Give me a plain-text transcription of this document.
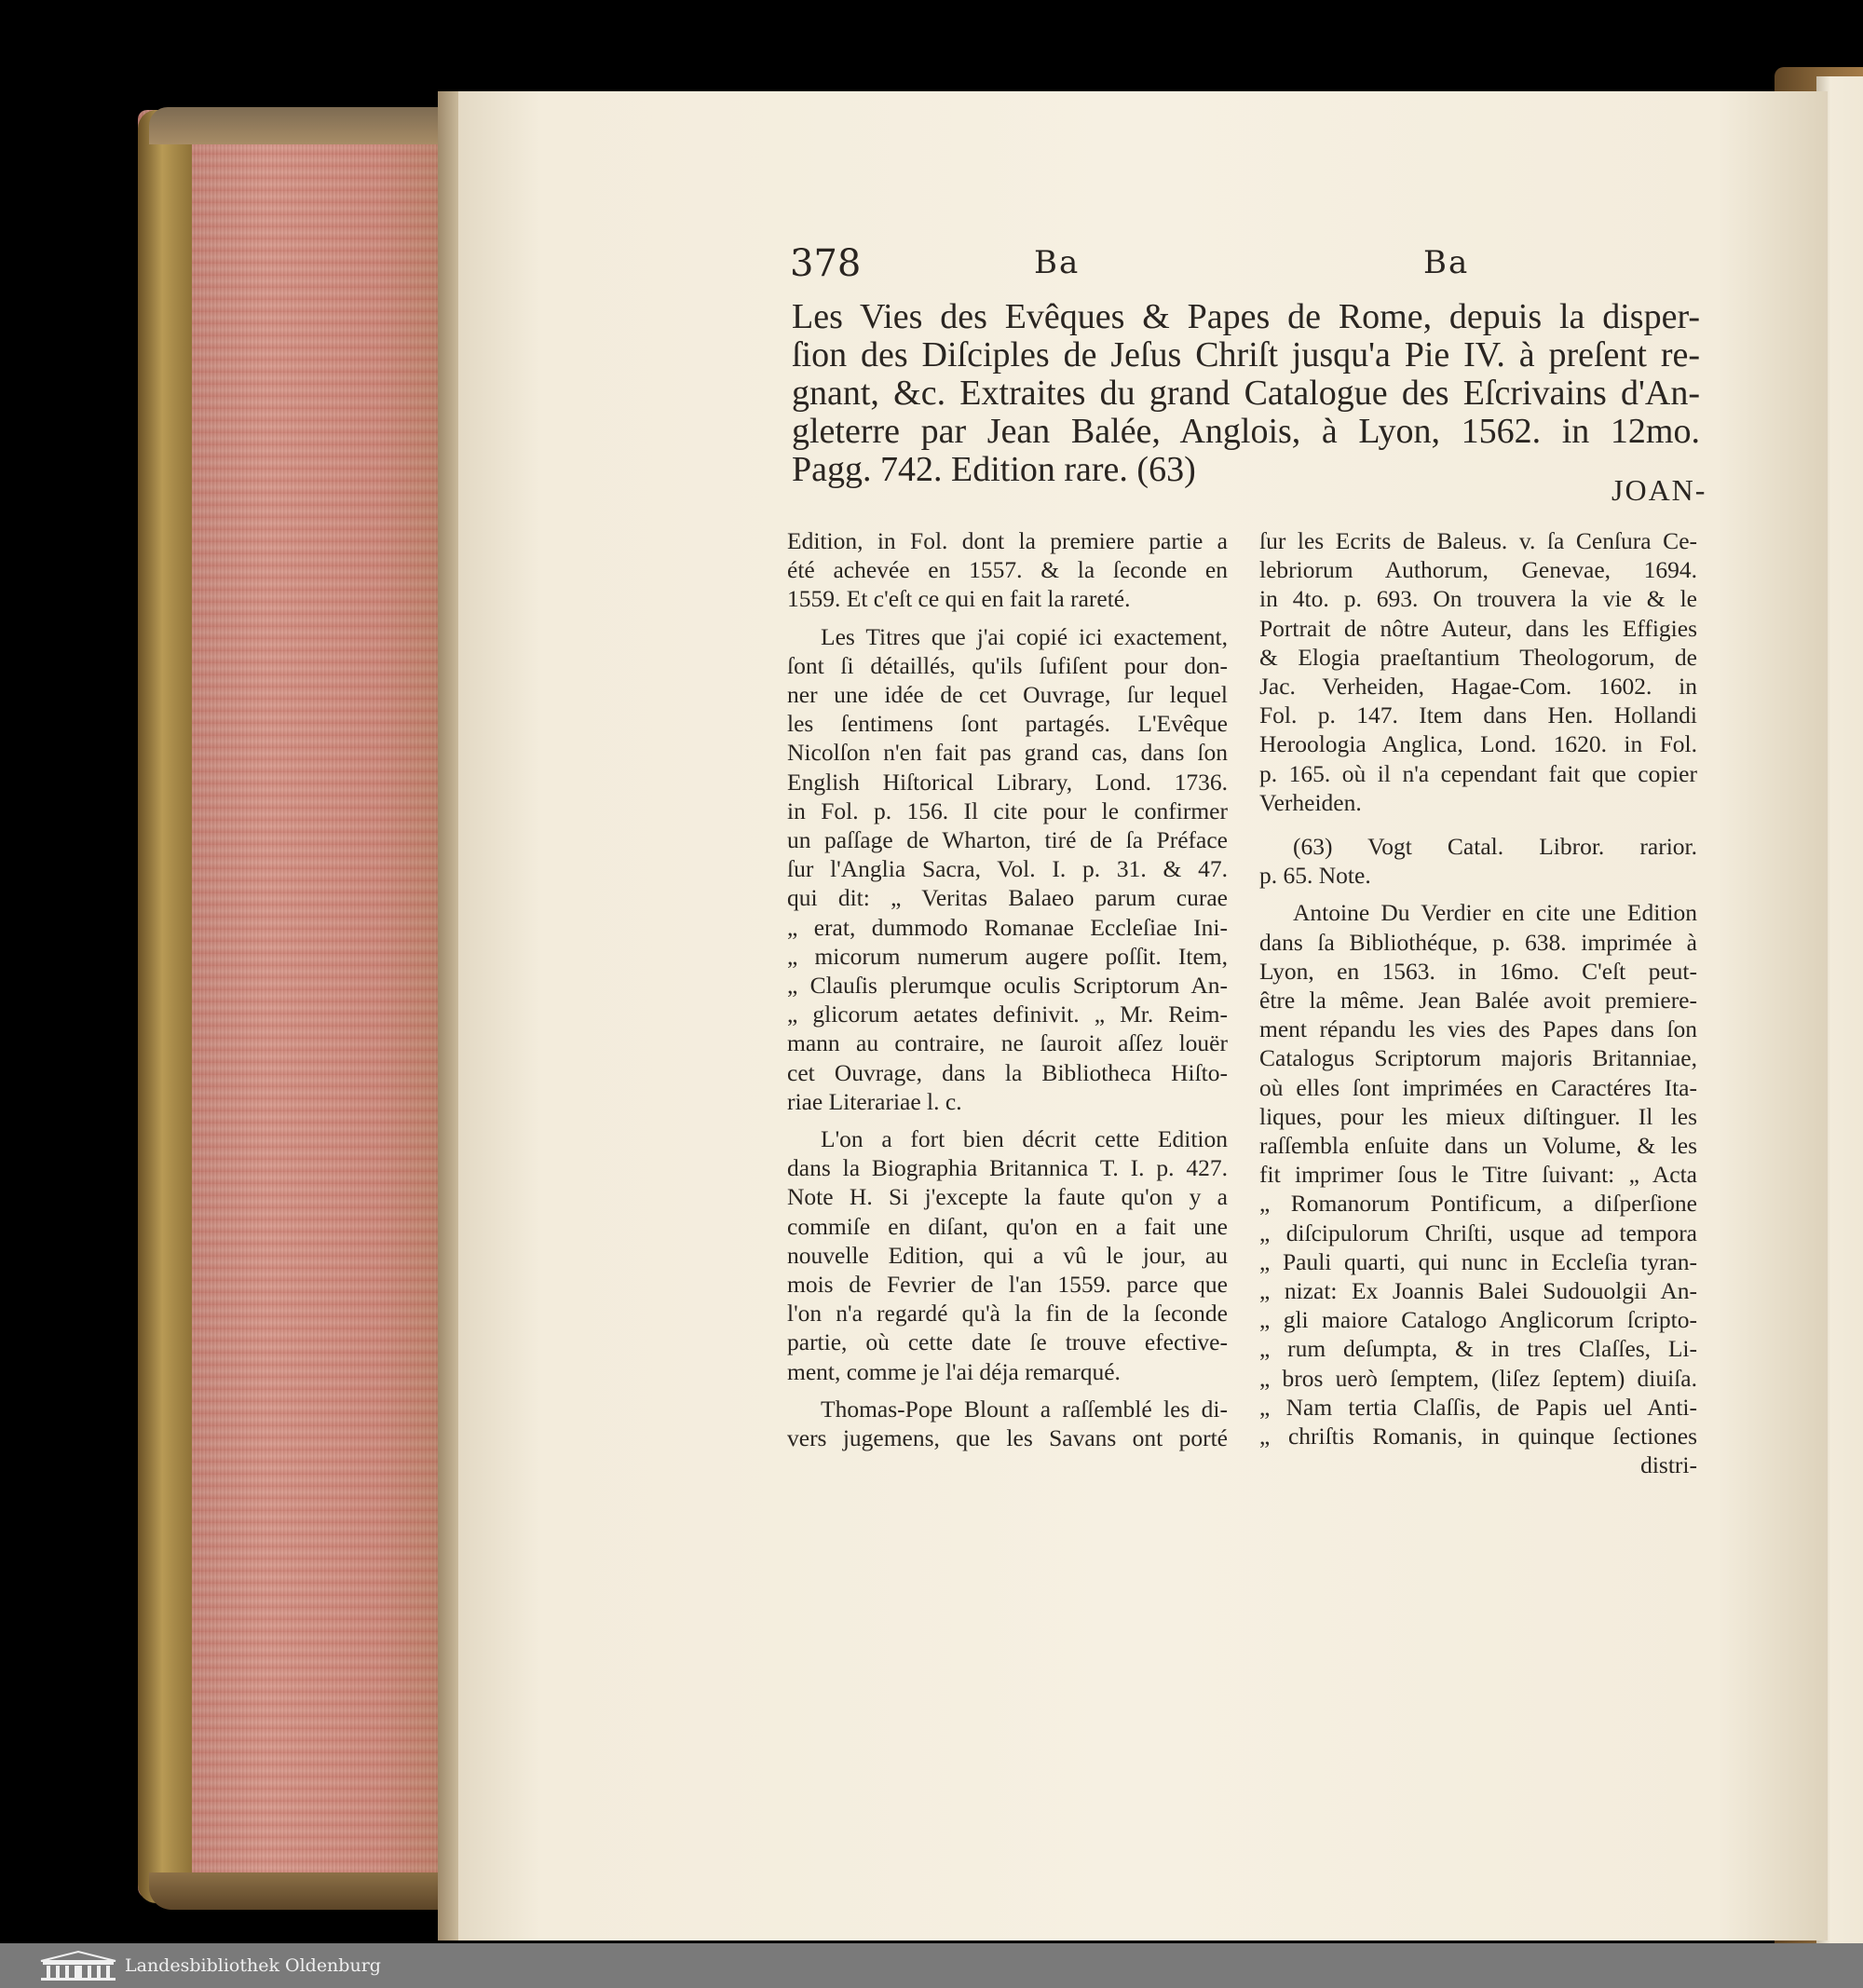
378	Ba	Ba
Les Vies des Evêques & Papes de Rome, depuis la disper-
ſion des Diſciples de Jeſus Chriſt jusqu'a Pie IV. à preſent re-
gnant, &c. Extraites du grand Catalogue des Eſcrivains d'An-
gleterre par Jean Balée, Anglois, à Lyon, 1562. in 12mo.
Pagg. 742. Edition rare. (63)
JOAN-

Edition, in Fol. dont la premiere partie a
été achevée en 1557. & la ſeconde en
1559. Et c'eſt ce qui en fait la rareté.

Les Titres que j'ai copié ici exactement,
ſont ſi détaillés, qu'ils ſufiſent pour don-
ner une idée de cet Ouvrage, ſur lequel
les ſentimens ſont partagés. L'Evêque
Nicolſon n'en fait pas grand cas, dans ſon
English Hiſtorical Library, Lond. 1736.
in Fol. p. 156. Il cite pour le confirmer
un paſſage de Wharton, tiré de ſa Préface
ſur l'Anglia Sacra, Vol. I. p. 31. & 47.
qui dit: „ Veritas Balaeo parum curae
„ erat, dummodo Romanae Eccleſiae Ini-
„ micorum numerum augere poſſit. Item,
„ Clauſis plerumque oculis Scriptorum An-
„ glicorum aetates definivit. „ Mr. Reim-
mann au contraire, ne ſauroit aſſez louër
cet Ouvrage, dans la Bibliotheca Hiſto-
riae Literariae l. c.

L'on a fort bien décrit cette Edition
dans la Biographia Britannica T. I. p. 427.
Note H. Si j'excepte la faute qu'on y a
commiſe en diſant, qu'on en a fait une
nouvelle Edition, qui a vû le jour, au
mois de Fevrier de l'an 1559. parce que
l'on n'a regardé qu'à la fin de la ſeconde
partie, où cette date ſe trouve efective-
ment, comme je l'ai déja remarqué.

Thomas-Pope Blount a raſſemblé les di-
vers jugemens, que les Savans ont porté

ſur les Ecrits de Baleus. v. ſa Cenſura Ce-
lebriorum Authorum, Genevae, 1694.
in 4to. p. 693. On trouvera la vie & le
Portrait de nôtre Auteur, dans les Effigies
& Elogia praeſtantium Theologorum, de
Jac. Verheiden, Hagae-Com. 1602. in
Fol. p. 147. Item dans Hen. Hollandi
Heroologia Anglica, Lond. 1620. in Fol.
p. 165. où il n'a cependant fait que copier
Verheiden.

(63) Vogt Catal. Libror. rarior.
p. 65. Note.

Antoine Du Verdier en cite une Edition
dans ſa Bibliothéque, p. 638. imprimée à
Lyon, en 1563. in 16mo. C'eſt peut-
être la même. Jean Balée avoit premiere-
ment répandu les vies des Papes dans ſon
Catalogus Scriptorum majoris Britanniae,
où elles ſont imprimées en Caractéres Ita-
liques, pour les mieux diſtinguer. Il les
raſſembla enſuite dans un Volume, & les
fit imprimer ſous le Titre ſuivant: „ Acta
„ Romanorum Pontificum, a diſperſione
„ diſcipulorum Chriſti, usque ad tempora
„ Pauli quarti, qui nunc in Eccleſia tyran-
„ nizat: Ex Joannis Balei Sudouolgii An-
„ gli maiore Catalogo Anglicorum ſcripto-
„ rum deſumpta, & in tres Claſſes, Li-
„ bros uerò ſemptem, (liſez ſeptem) diuiſa.
„ Nam tertia Claſſis, de Papis uel Anti-
„ chriſtis Romanis, in quinque ſectiones
distri-

Landesbibliothek Oldenburg
